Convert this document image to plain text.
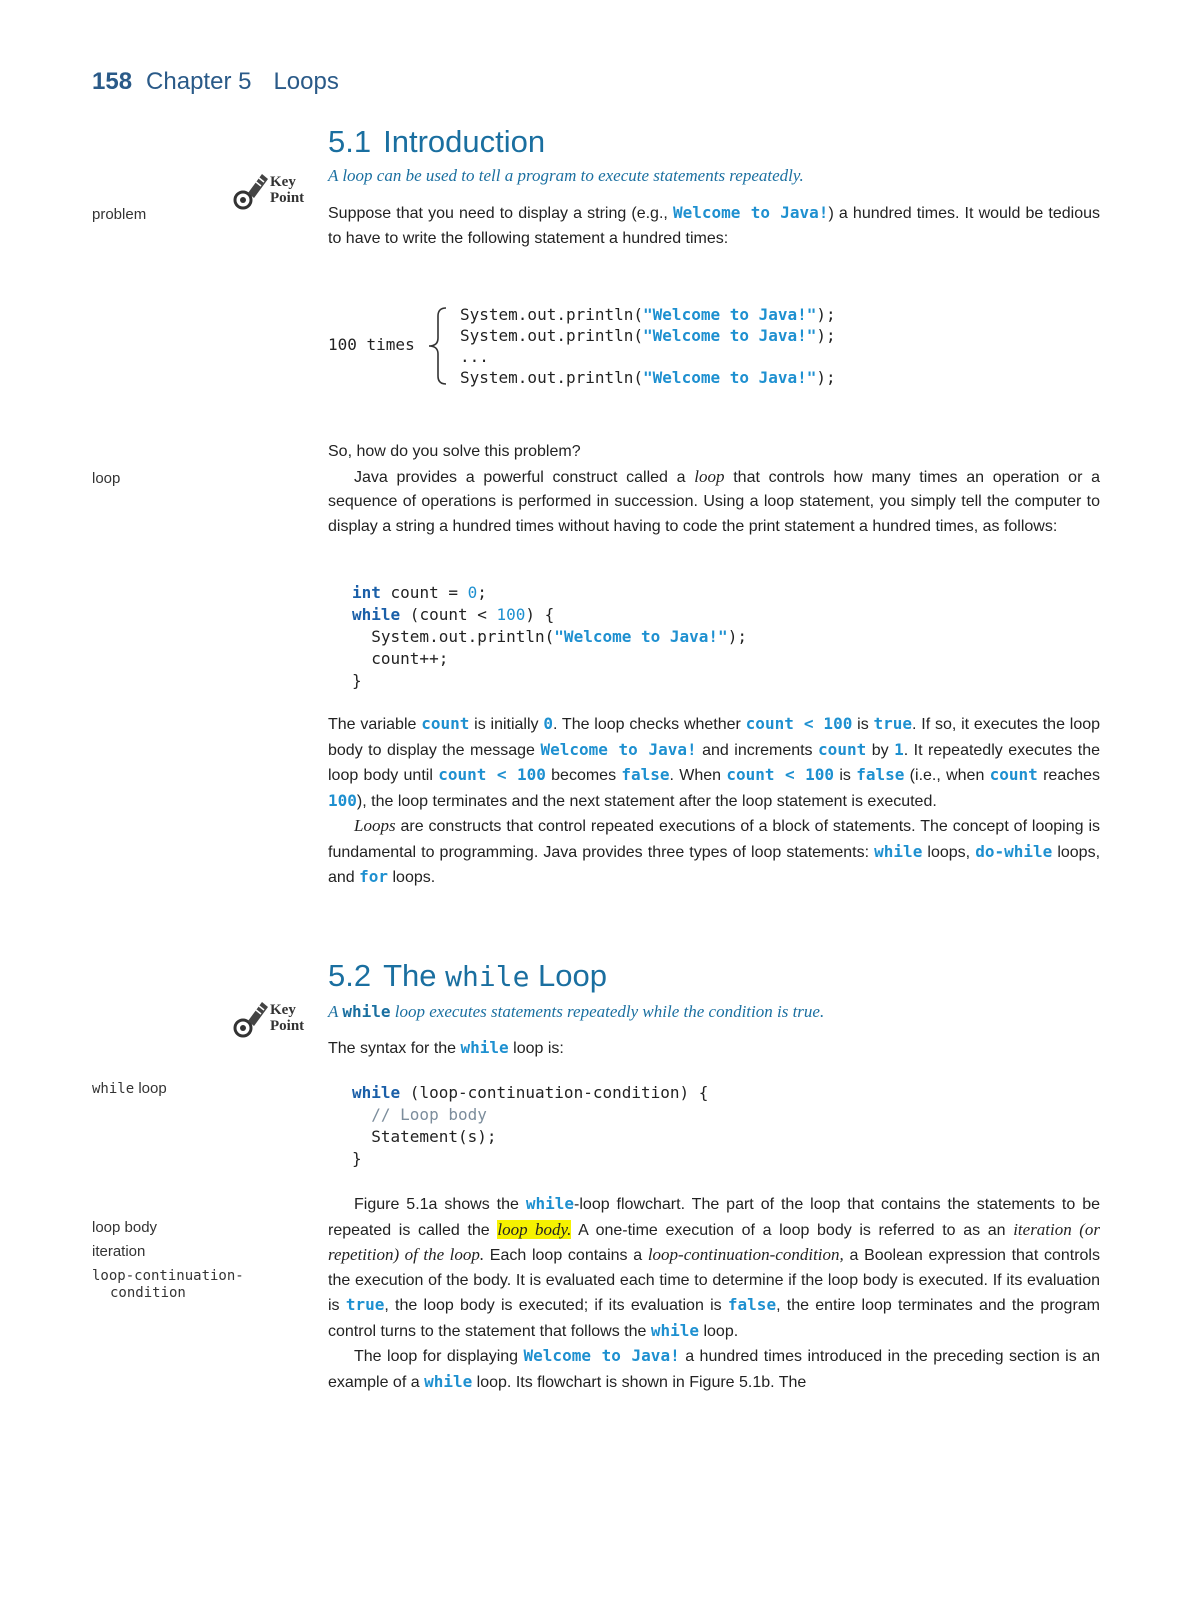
158 Chapter 5 Loops
5.1 Introduction
Key
Point
A loop can be used to tell a program to execute statements repeatedly.
problem	Suppose that you need to display a string (e.g., Welcome to Java!) a hundred times. It would be tedious to have to write the following statement a hundred times:

100 times
System.out.println("Welcome to Java!");
System.out.println("Welcome to Java!");
...
System.out.println("Welcome to Java!");
loop

So, how do you solve this problem?

Java provides a powerful construct called a loop that controls how many times an operation or a sequence of operations is performed in succession. Using a loop statement, you simply tell the computer to display a string a hundred times without having to code the print statement a hundred times, as follows:

int count = 0;
while (count < 100) {
System.out.println("Welcome to Java!");
count++;
}

The variable count is initially 0. The loop checks whether count < 100 is true. If so, it executes the loop body to display the message Welcome to Java! and increments count by 1. It repeatedly executes the loop body until count < 100 becomes false. When count < 100 is false (i.e., when count reaches 100), the loop terminates and the next statement after the loop statement is executed.

Loops are constructs that control repeated executions of a block of statements. The concept of looping is fundamental to programming. Java provides three types of loop statements: while loops, do-while loops, and for loops.

5.2 The while Loop
Key
Point
A while loop executes statements repeatedly while the condition is true.

The syntax for the while loop is:

while loop	while (loop-continuation-condition) {
// Loop body
Statement(s);
}
loop body
iteration
loop-continuation-
condition

Figure 5.1a shows the while-loop flowchart. The part of the loop that contains the statements to be repeated is called the loop body. A one-time execution of a loop body is referred to as an iteration (or repetition) of the loop. Each loop contains a loop-continuation-condition, a Boolean expression that controls the execution of the body. It is evaluated each time to determine if the loop body is executed. If its evaluation is true, the loop body is executed; if its evaluation is false, the entire loop terminates and the program control turns to the statement that follows the while loop.

The loop for displaying Welcome to Java! a hundred times introduced in the preceding section is an example of a while loop. Its flowchart is shown in Figure 5.1b. The
